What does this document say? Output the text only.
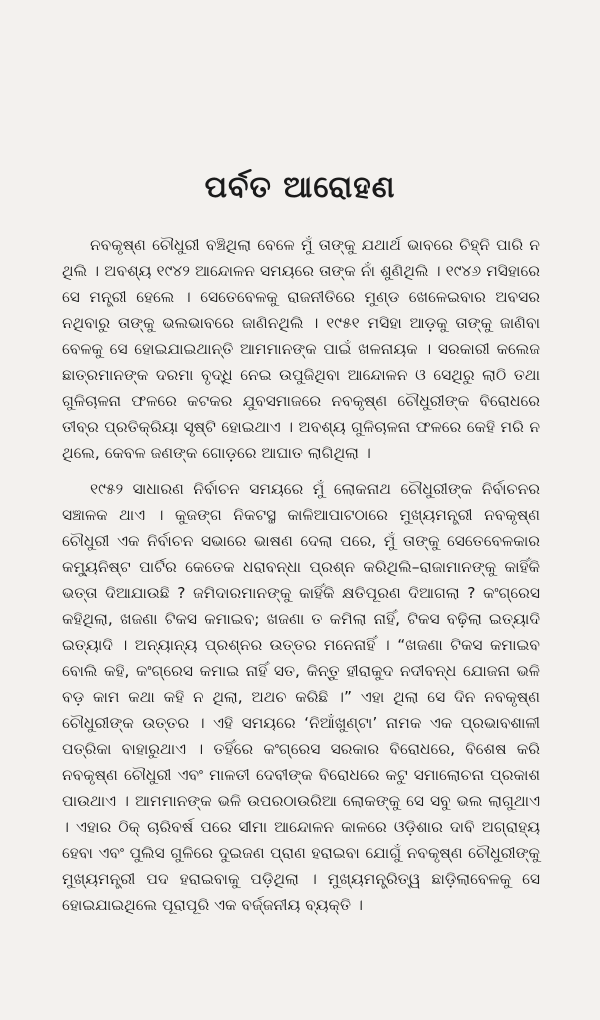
ପର୍ବତ ଆରୋହଣ

ନବକୃଷ୍ଣ ଚୌଧୁରୀ ବଞ୍ଚିଥିଲା ବେଳେ ମୁଁ ତାଙ୍କୁ ଯଥାର୍ଥ ଭାବରେ ଚିହ୍ନି ପାରି ନ ଥିଲି । ଅବଶ୍ୟ ୧୯୪୨ ଆନ୍ଦୋଳନ ସମୟରେ ତାଙ୍କ ନାଁ ଶୁଣିଥିଲି । ୧୯୪୬ ମସିହାରେ ସେ ମନ୍ତ୍ରୀ ହେଲେ । ସେତେବେଳକୁ ରାଜନୀତିରେ ମୁଣ୍ଡ ଖେଳେଇବାର ଅବସର ନଥିବାରୁ ତାଙ୍କୁ ଭଲଭାବରେ ଜାଣିନଥିଲି । ୧୯୫୧ ମସିହା ଆଡ଼କୁ ତାଙ୍କୁ ଜାଣିବା ବେଳକୁ ସେ ହୋଇଯାଇଥାନ୍ତି ଆମମାନଙ୍କ ପାଇଁ ଖଳନାୟକ । ସରକାରୀ କଲେଜ ଛାତ୍ରମାନଙ୍କ ଦରମା ବୃଦ୍ଧି ନେଇ ଉପୁଜିଥିବା ଆନ୍ଦୋଳନ ଓ ସେଥିରୁ ଲାଠି ତଥା ଗୁଳିଚାଳନା ଫଳରେ କଟକର ଯୁବସମାଜରେ ନବକୃଷ୍ଣ ଚୌଧୁରୀଙ୍କ ବିରୋଧରେ ତୀବ୍ର ପ୍ରତିକ୍ରିୟା ସୃଷ୍ଟି ହୋଇଥାଏ । ଅବଶ୍ୟ ଗୁଳିଚାଳନା ଫଳରେ କେହି ମରି ନ ଥିଲେ, କେବଳ ଜଣଙ୍କ ଗୋଡ଼ରେ ଆଘାତ ଲାଗିଥିଲା ।

୧୯୫୨ ସାଧାରଣ ନିର୍ବାଚନ ସମୟରେ ମୁଁ ଲୋକନାଥ ଚୌଧୁରୀଙ୍କ ନିର୍ବାଚନର ସଞ୍ଚାଳକ ଥାଏ । କୁଜଙ୍ଗ ନିକଟସ୍ଥ କାଳିଆପାଟଠାରେ ମୁଖ୍ୟମନ୍ତ୍ରୀ ନବକୃଷ୍ଣ ଚୌଧୁରୀ ଏକ ନିର୍ବାଚନ ସଭାରେ ଭାଷଣ ଦେଲା ପରେ, ମୁଁ ତାଙ୍କୁ ସେତେବେଳକାର କମ୍ୟୁନିଷ୍ଟ ପାର୍ଟିର କେତେକ ଧରାବନ୍ଧା ପ୍ରଶ୍ନ କରିଥିଲି–ରାଜାମାନଙ୍କୁ କାହିଁକି ଭତ୍ତା ଦିଆଯାଉଛି ? ଜମିଦାରମାନଙ୍କୁ କାହିଁକି କ୍ଷତିପୂରଣ ଦିଆଗଲା ? କଂଗ୍ରେସ କହିଥିଲା, ଖଜଣା ଟିକସ କମାଇବ; ଖଜଣା ତ କମିଲା ନାହିଁ, ଟିକସ ବଢ଼ିଲା ଇତ୍ୟାଦି ଇତ୍ୟାଦି । ଅନ୍ୟାନ୍ୟ ପ୍ରଶ୍ନର ଉତ୍ତର ମନେନାହିଁ । “ଖଜଣା ଟିକସ କମାଇବ ବୋଲି କହି, କଂଗ୍ରେସ କମାଇ ନାହିଁ ସତ, କିନ୍ତୁ ହୀରାକୁଦ ନଦୀବନ୍ଧ ଯୋଜନା ଭଳି ବଡ଼ କାମ କଥା କହି ନ ଥିଲା, ଅଥଚ କରିଛି ।” ଏହା ଥିଲା ସେ ଦିନ ନବକୃଷ୍ଣ ଚୌଧୁରୀଙ୍କ ଉତ୍ତର । ଏହି ସମୟରେ ‘ନିଆଁଖୁଣ୍ଟା’ ନାମକ ଏକ ପ୍ରଭାବଶାଳୀ ପତ୍ରିକା ବାହାରୁଥାଏ । ତହିଁରେ କଂଗ୍ରେସ ସରକାର ବିରୋଧରେ, ବିଶେଷ କରି ନବକୃଷ୍ଣ ଚୌଧୁରୀ ଏବଂ ମାଳତୀ ଦେବୀଙ୍କ ବିରୋଧରେ କଟୁ ସମାଲୋଚନା ପ୍ରକାଶ ପାଉଥାଏ । ଆମମାନଙ୍କ ଭଳି ଉପରଠାଉରିଆ ଲୋକଙ୍କୁ ସେ ସବୁ ଭଲ ଲାଗୁଥାଏ । ଏହାର ଠିକ୍ ଚାରିବର୍ଷ ପରେ ସୀମା ଆନ୍ଦୋଳନ କାଳରେ ଓଡ଼ିଶାର ଦାବି ଅଗ୍ରାହ୍ୟ ହେବା ଏବଂ ପୁଲିସ ଗୁଳିରେ ଦୁଇଜଣ ପ୍ରାଣ ହରାଇବା ଯୋଗୁଁ ନବକୃଷ୍ଣ ଚୌଧୁରୀଙ୍କୁ ମୁଖ୍ୟମନ୍ତ୍ରୀ ପଦ ହରାଇବାକୁ ପଡ଼ିଥିଲା । ମୁଖ୍ୟମନ୍ତ୍ରିତ୍ୱ ଛାଡ଼ିଲାବେଳକୁ ସେ ହୋଇଯାଇଥିଲେ ପୂରାପୂରି ଏକ ବର୍ଜ୍ଜନୀୟ ବ୍ୟକ୍ତି ।
